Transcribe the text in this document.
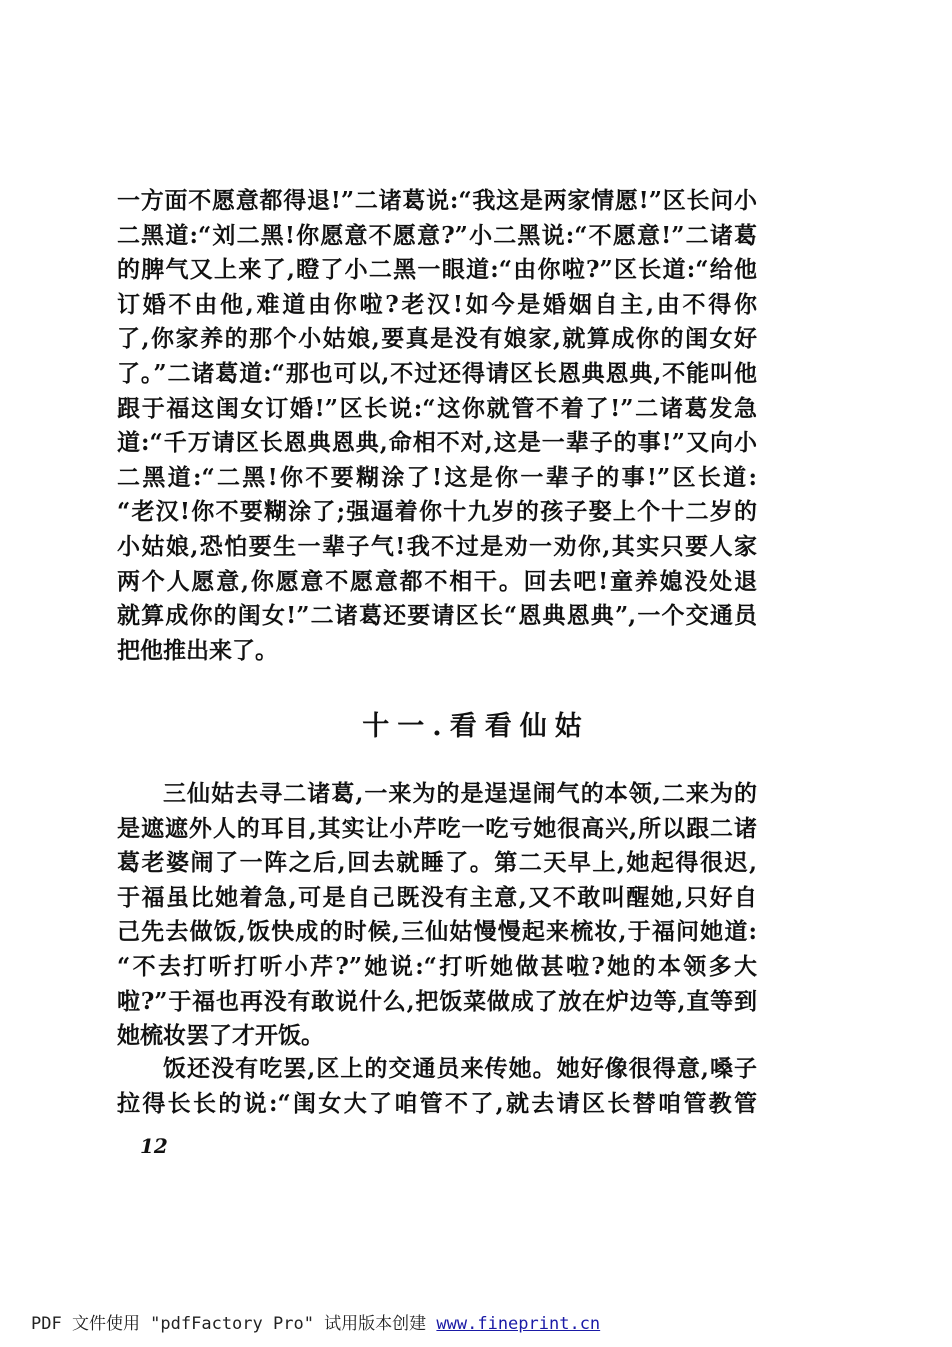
一方面不愿意都得退!”二诸葛说:“我这是两家情愿!”区长问小
二黑道:“刘二黑!你愿意不愿意?”小二黑说:“不愿意!”二诸葛
的脾气又上来了,瞪了小二黑一眼道:“由你啦?”区长道:“给他
订婚不由他,难道由你啦?老汉!如今是婚姻自主,由不得你
了,你家养的那个小姑娘,要真是没有娘家,就算成你的闺女好
了。”二诸葛道:“那也可以,不过还得请区长恩典恩典,不能叫他
跟于福这闺女订婚!”区长说:“这你就管不着了!”二诸葛发急
道:“千万请区长恩典恩典,命相不对,这是一辈子的事!”又向小
二黑道:“二黑!你不要糊涂了!这是你一辈子的事!”区长道:
“老汉!你不要糊涂了;强逼着你十九岁的孩子娶上个十二岁的
小姑娘,恐怕要生一辈子气!我不过是劝一劝你,其实只要人家
两个人愿意,你愿意不愿意都不相干。回去吧!童养媳没处退
就算成你的闺女!”二诸葛还要请区长“恩典恩典”,一个交通员
把他推出来了。
十一.看看仙姑
三仙姑去寻二诸葛,一来为的是逞逞闹气的本领,二来为的
是遮遮外人的耳目,其实让小芹吃一吃亏她很高兴,所以跟二诸
葛老婆闹了一阵之后,回去就睡了。第二天早上,她起得很迟,
于福虽比她着急,可是自己既没有主意,又不敢叫醒她,只好自
己先去做饭,饭快成的时候,三仙姑慢慢起来梳妆,于福问她道:
“不去打听打听小芹?”她说:“打听她做甚啦?她的本领多大
啦?”于福也再没有敢说什么,把饭菜做成了放在炉边等,直等到
她梳妆罢了才开饭。
饭还没有吃罢,区上的交通员来传她。她好像很得意,嗓子
拉得长长的说:“闺女大了咱管不了,就去请区长替咱管教管
12
PDF 文件使用 "pdfFactory Pro" 试用版本创建 www.fineprint.cn
